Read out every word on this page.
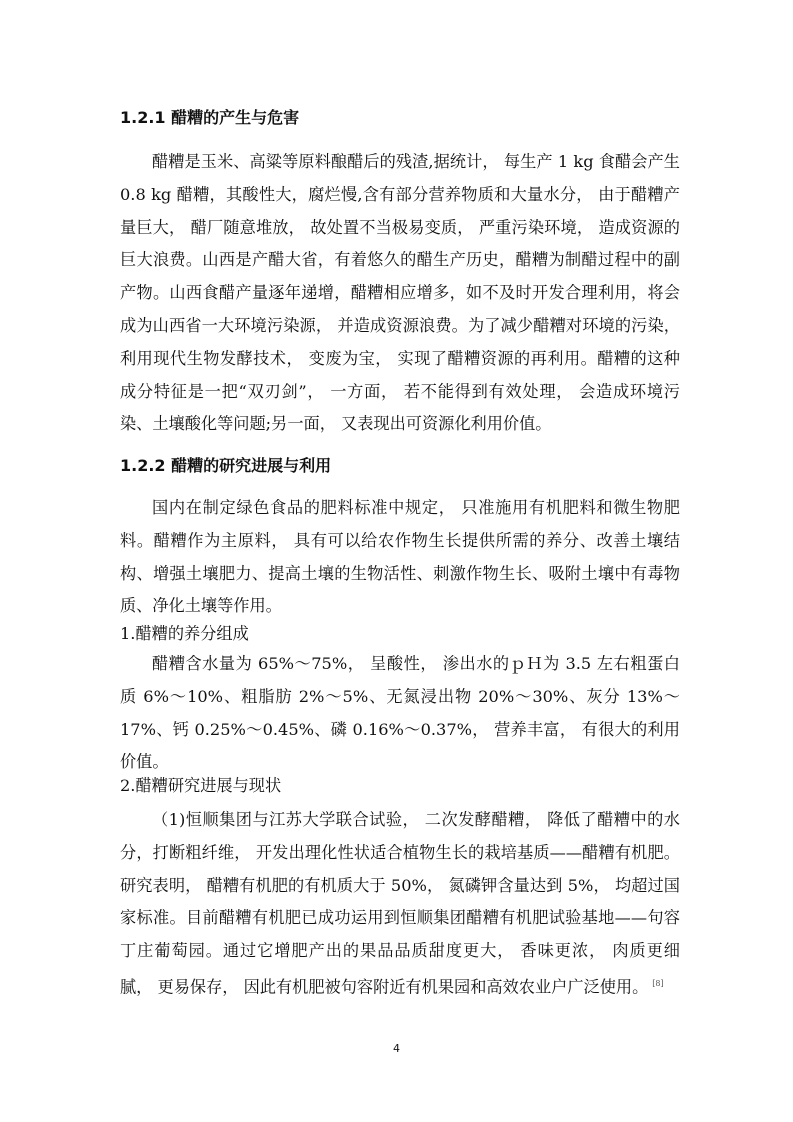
1.2.1 醋糟的产生与危害

醋糟是玉米、高粱等原料酿醋后的残渣,据统计， 每生产 1 kg 食醋会产生 0.8 kg 醋糟，其酸性大，腐烂慢,含有部分营养物质和大量水分， 由于醋糟产量巨大， 醋厂随意堆放， 故处置不当极易变质， 严重污染环境， 造成资源的巨大浪费。山西是产醋大省，有着悠久的醋生产历史，醋糟为制醋过程中的副产物。山西食醋产量逐年递增，醋糟相应增多，如不及时开发合理利用，将会成为山西省一大环境污染源， 并造成资源浪费。为了减少醋糟对环境的污染， 利用现代生物发酵技术， 变废为宝， 实现了醋糟资源的再利用。醋糟的这种成分特征是一把“双刃剑”， 一方面， 若不能得到有效处理， 会造成环境污染、土壤酸化等问题;另一面， 又表现出可资源化利用价值。

1.2.2 醋糟的研究进展与利用

国内在制定绿色食品的肥料标准中规定， 只准施用有机肥料和微生物肥料。醋糟作为主原料， 具有可以给农作物生长提供所需的养分、改善土壤结构、增强土壤肥力、提高土壤的生物活性、刺激作物生长、吸附土壤中有毒物质、净化土壤等作用。

1.醋糟的养分组成

醋糟含水量为 65%～75%， 呈酸性， 渗出水的ｐＨ为 3.5 左右粗蛋白质 6%～10%、粗脂肪 2%～5%、无氮浸出物 20%～30%、灰分 13%～17%、钙 0.25%～0.45%、磷 0.16%～0.37%， 营养丰富， 有很大的利用价值。

2.醋糟研究进展与现状

（1)恒顺集团与江苏大学联合试验， 二次发酵醋糟， 降低了醋糟中的水分，打断粗纤维， 开发出理化性状适合植物生长的栽培基质——醋糟有机肥。研究表明， 醋糟有机肥的有机质大于 50%， 氮磷钾含量达到 5%， 均超过国家标准。目前醋糟有机肥已成功运用到恒顺集团醋糟有机肥试验基地——句容丁庄葡萄园。通过它增肥产出的果品品质甜度更大， 香味更浓， 肉质更细腻， 更易保存， 因此有机肥被句容附近有机果园和高效农业户广泛使用。 [8]

4
